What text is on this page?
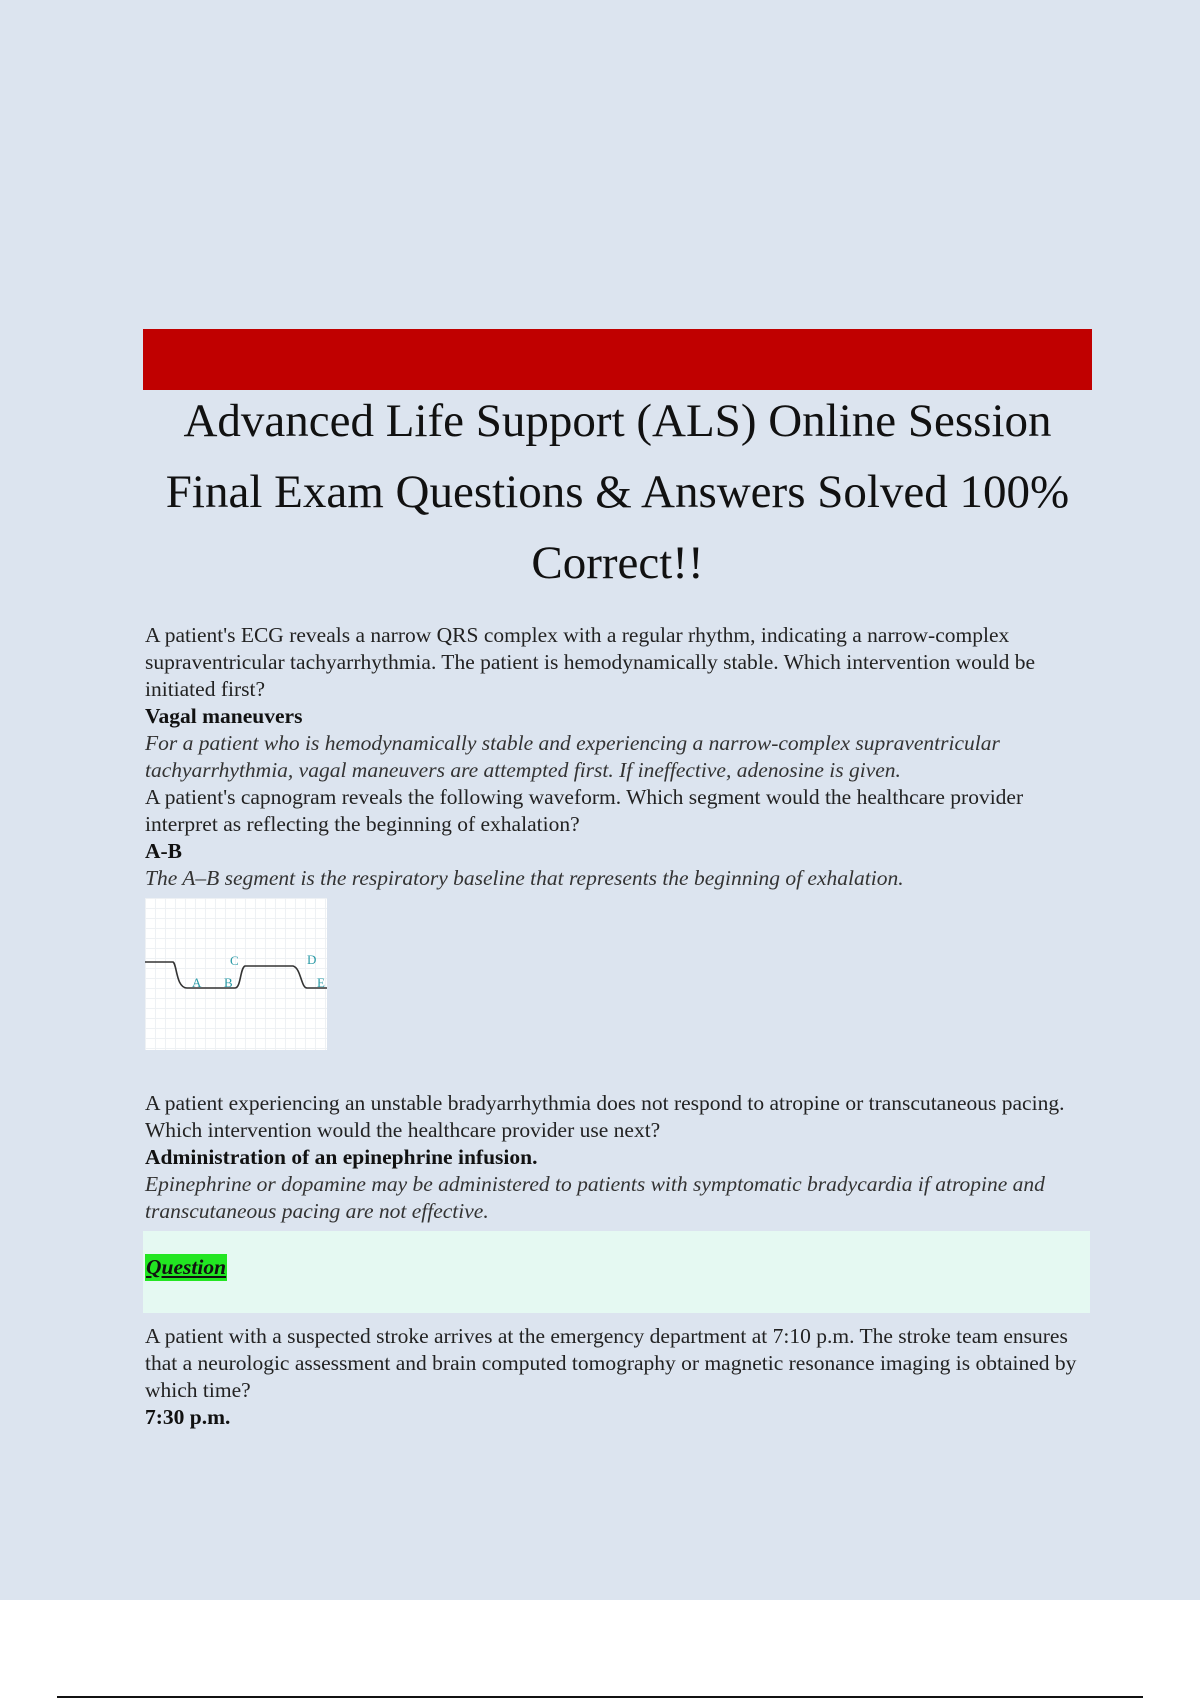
Advanced Life Support (ALS) Online Session Final Exam Questions & Answers Solved 100% Correct!!

A patient's ECG reveals a narrow QRS complex with a regular rhythm, indicating a narrow-complex supraventricular tachyarrhythmia. The patient is hemodynamically stable. Which intervention would be initiated first?

Vagal maneuvers

For a patient who is hemodynamically stable and experiencing a narrow-complex supraventricular tachyarrhythmia, vagal maneuvers are attempted first. If ineffective, adenosine is given.

A patient's capnogram reveals the following waveform. Which segment would the healthcare provider interpret as reflecting the beginning of exhalation?

A-B

The A–B segment is the respiratory baseline that represents the beginning of exhalation.

A B
C	D
E

A patient experiencing an unstable bradyarrhythmia does not respond to atropine or transcutaneous pacing. Which intervention would the healthcare provider use next?

Administration of an epinephrine infusion.

Epinephrine or dopamine may be administered to patients with symptomatic bradycardia if atropine and transcutaneous pacing are not effective.

Question

A patient with a suspected stroke arrives at the emergency department at 7:10 p.m. The stroke team ensures that a neurologic assessment and brain computed tomography or magnetic resonance imaging is obtained by which time?

7:30 p.m.
